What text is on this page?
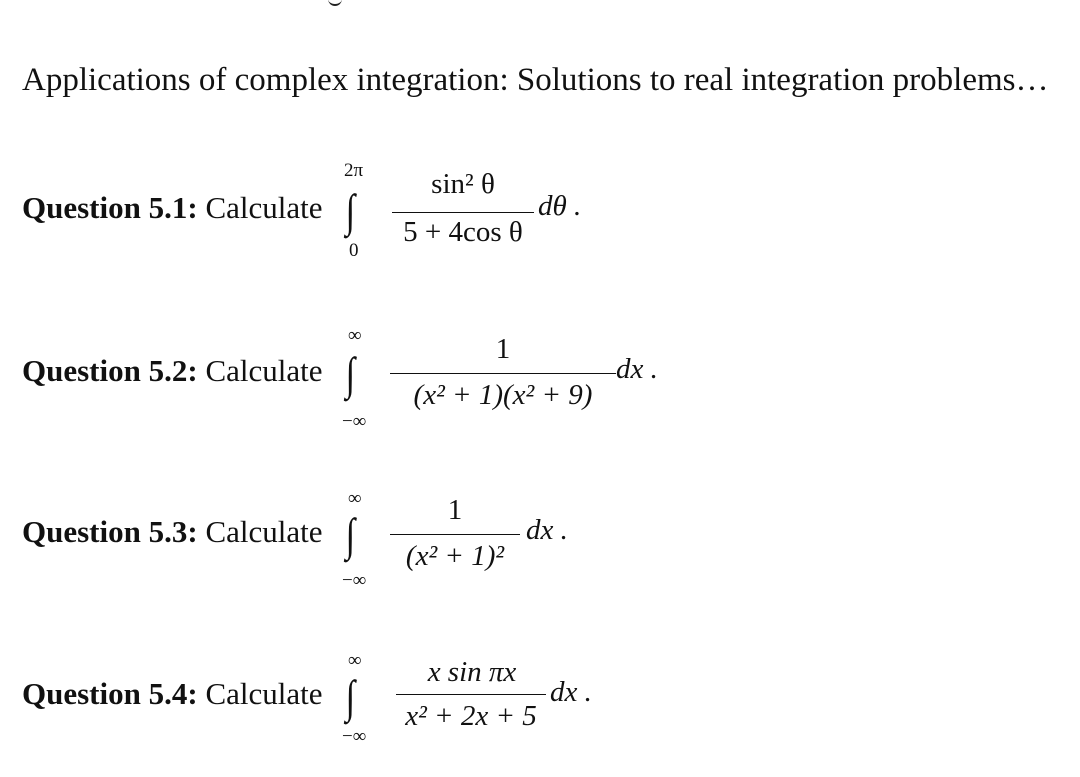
Applications of complex integration: Solutions to real integration problems…
Question 5.1: Calculate
2π
∫
0
sin² θ
5 + 4cos θ
dθ .
Question 5.2: Calculate
∞
∫
−∞
1
(x² + 1)(x² + 9)
dx .
Question 5.3: Calculate
∞
∫
−∞
1
(x² + 1)²
dx .
Question 5.4: Calculate
∞
∫
−∞
x sin πx
x² + 2x + 5
dx .
